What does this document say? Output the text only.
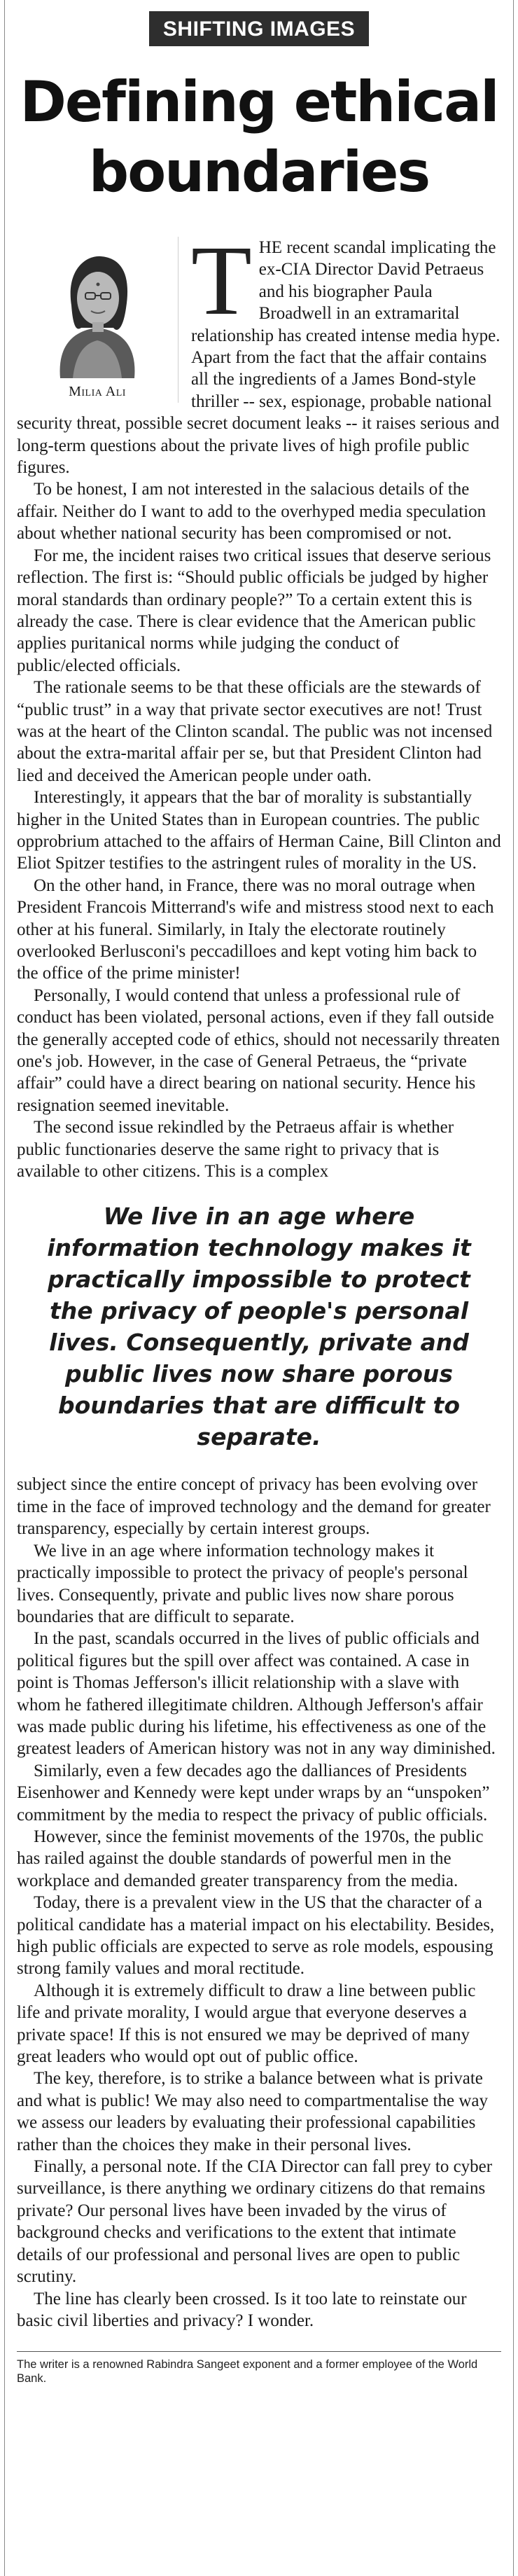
SHIFTING IMAGES
Defining ethical
boundaries
Milia Ali

THE recent scandal implicating the ex-CIA Director David Petraeus and his biographer Paula Broadwell in an extramarital relationship has created intense media hype. Apart from the fact that the affair contains all the ingredients of a James Bond-style thriller -- sex, espionage, probable national security threat, possible secret document leaks -- it raises serious and long-term questions about the private lives of high profile public figures.

To be honest, I am not interested in the salacious details of the affair. Neither do I want to add to the overhyped media speculation about whether national security has been compromised or not.

For me, the incident raises two critical issues that deserve serious reflection. The first is: “Should public officials be judged by higher moral standards than ordinary people?” To a certain extent this is already the case. There is clear evidence that the American public applies puritanical norms while judging the conduct of public/elected officials.

The rationale seems to be that these officials are the stewards of “public trust” in a way that private sector executives are not! Trust was at the heart of the Clinton scandal. The public was not incensed about the extra-marital affair per se, but that President Clinton had lied and deceived the American people under oath.

Interestingly, it appears that the bar of morality is substantially higher in the United States than in European countries. The public opprobrium attached to the affairs of Herman Caine, Bill Clinton and Eliot Spitzer testifies to the astringent rules of morality in the US.

On the other hand, in France, there was no moral outrage when President Francois Mitterrand's wife and mistress stood next to each other at his funeral. Similarly, in Italy the electorate routinely overlooked Berlusconi's peccadilloes and kept voting him back to the office of the prime minister!

Personally, I would contend that unless a professional rule of conduct has been violated, personal actions, even if they fall outside the generally accepted code of ethics, should not necessarily threaten one's job. However, in the case of General Petraeus, the “private affair” could have a direct bearing on national security. Hence his resignation seemed inevitable.

The second issue rekindled by the Petraeus affair is whether public functionaries deserve the same right to privacy that is available to other citizens. This is a complex

We live in an age where information technology makes it practically impossible to protect the privacy of people's personal lives. Consequently, private and public lives now share porous boundaries that are difficult to separate.

subject since the entire concept of privacy has been evolving over time in the face of improved technology and the demand for greater transparency, especially by certain interest groups.

We live in an age where information technology makes it practically impossible to protect the privacy of people's personal lives. Consequently, private and public lives now share porous boundaries that are difficult to separate.

In the past, scandals occurred in the lives of public officials and political figures but the spill over affect was contained. A case in point is Thomas Jefferson's illicit relationship with a slave with whom he fathered illegitimate children. Although Jefferson's affair was made public during his lifetime, his effectiveness as one of the greatest leaders of American history was not in any way diminished.

Similarly, even a few decades ago the dalliances of Presidents Eisenhower and Kennedy were kept under wraps by an “unspoken” commitment by the media to respect the privacy of public officials.

However, since the feminist movements of the 1970s, the public has railed against the double standards of powerful men in the workplace and demanded greater transparency from the media.

Today, there is a prevalent view in the US that the character of a political candidate has a material impact on his electability. Besides, high public officials are expected to serve as role models, espousing strong family values and moral rectitude.

Although it is extremely difficult to draw a line between public life and private morality, I would argue that everyone deserves a private space! If this is not ensured we may be deprived of many great leaders who would opt out of public office.

The key, therefore, is to strike a balance between what is private and what is public! We may also need to compartmentalise the way we assess our leaders by evaluating their professional capabilities rather than the choices they make in their personal lives.

Finally, a personal note. If the CIA Director can fall prey to cyber surveillance, is there anything we ordinary citizens do that remains private? Our personal lives have been invaded by the virus of background checks and verifications to the extent that intimate details of our professional and personal lives are open to public scrutiny.

The line has clearly been crossed. Is it too late to reinstate our basic civil liberties and privacy? I wonder.

The writer is a renowned Rabindra Sangeet exponent and a former employee of the World Bank.
